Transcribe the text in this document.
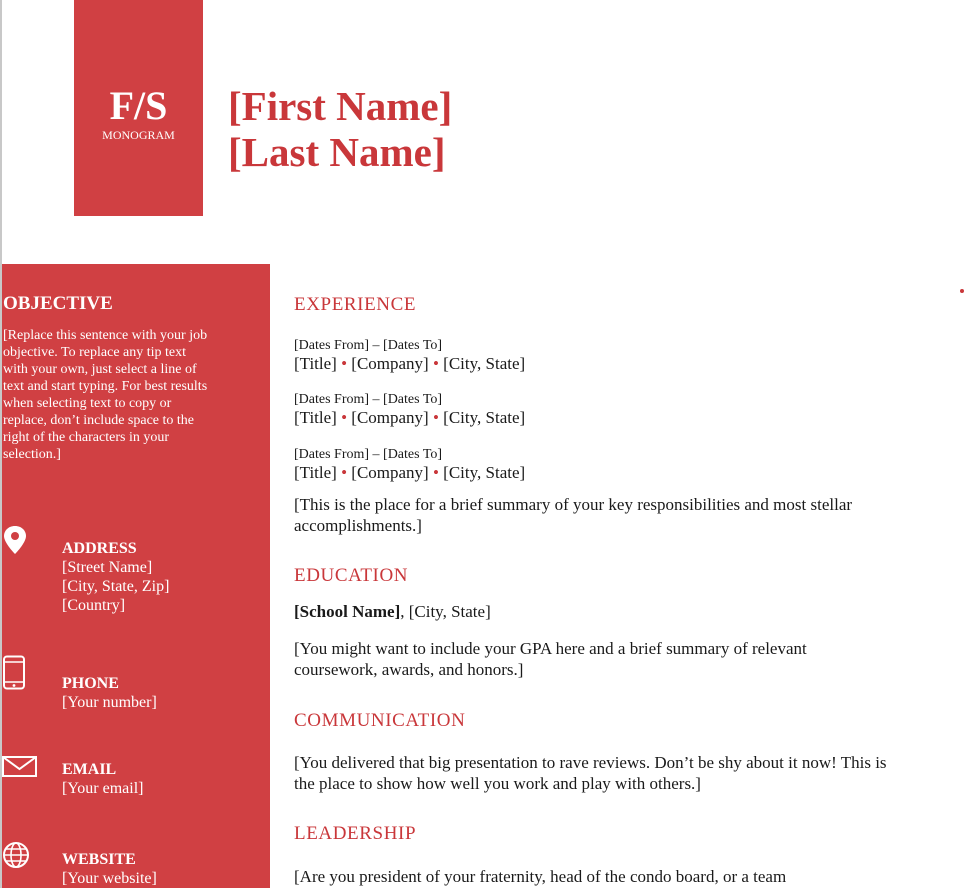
F/S
MONOGRAM
[First Name]
[Last Name]
OBJECTIVE
[Replace this sentence with your job objective. To replace any tip text with your own, just select a line of text and start typing. For best results when selecting text to copy or replace, don’t include space to the right of the characters in your selection.]
ADDRESS
[Street Name]
[City, State, Zip]
[Country]
PHONE
[Your number]
EMAIL
[Your email]
WEBSITE
[Your website]
EXPERIENCE
[Dates From] – [Dates To]
[Title] • [Company] • [City, State]
[Dates From] – [Dates To]
[Title] • [Company] • [City, State]
[Dates From] – [Dates To]
[Title] • [Company] • [City, State]
[This is the place for a brief summary of your key responsibilities and most stellar accomplishments.]
EDUCATION
[School Name], [City, State]
[You might want to include your GPA here and a brief summary of relevant coursework, awards, and honors.]
COMMUNICATION
[You delivered that big presentation to rave reviews. Don’t be shy about it now! This is the place to show how well you work and play with others.]
LEADERSHIP
[Are you president of your fraternity, head of the condo board, or a team
